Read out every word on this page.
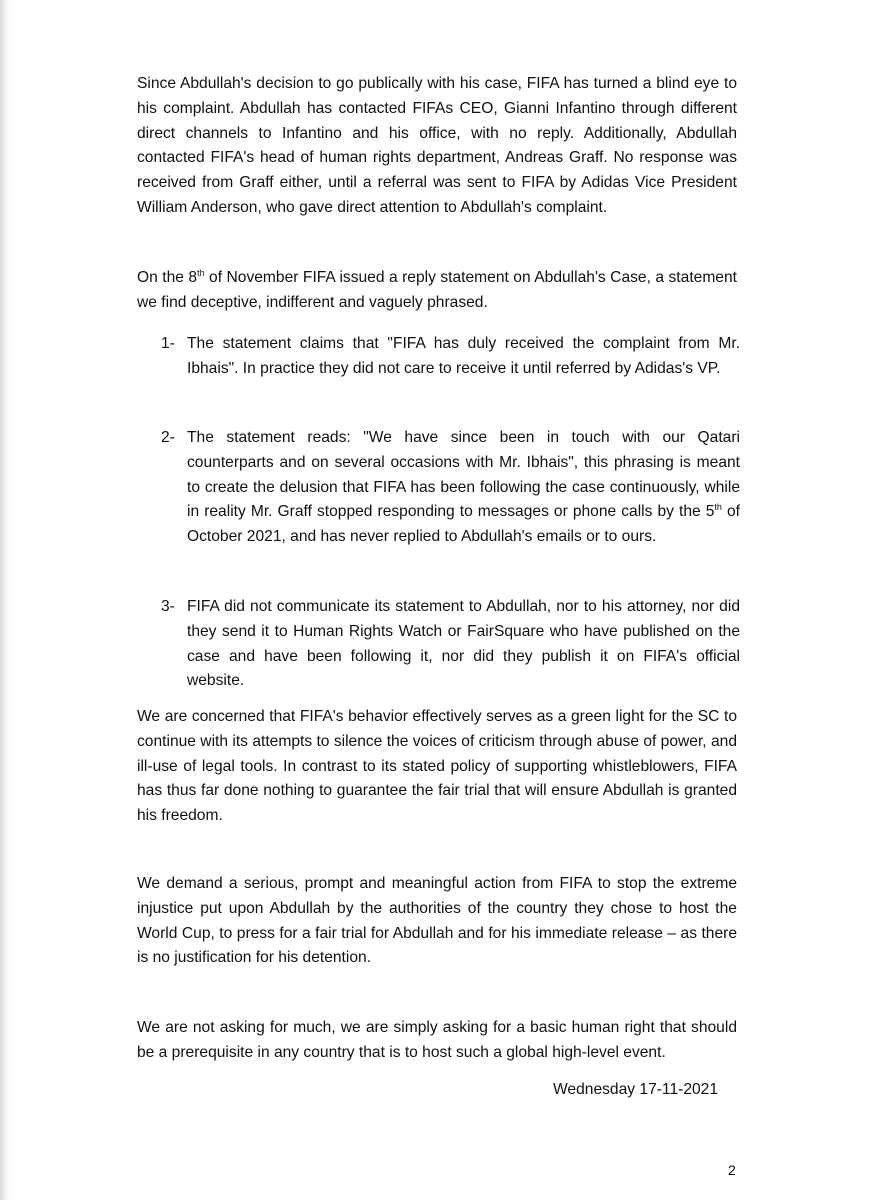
Since Abdullah's decision to go publically with his case, FIFA has turned a blind eye to his complaint. Abdullah has contacted FIFAs CEO, Gianni Infantino through different direct channels to Infantino and his office, with no reply. Additionally, Abdullah contacted FIFA's head of human rights department, Andreas Graff. No response was received from Graff either, until a referral was sent to FIFA by Adidas Vice President William Anderson, who gave direct attention to Abdullah's complaint.

On the 8th of November FIFA issued a reply statement on Abdullah's Case, a statement we find deceptive, indifferent and vaguely phrased.

1- The statement claims that "FIFA has duly received the complaint from Mr. Ibhais". In practice they did not care to receive it until referred by Adidas's VP.
2- The statement reads: "We have since been in touch with our Qatari counterparts and on several occasions with Mr. Ibhais", this phrasing is meant to create the delusion that FIFA has been following the case continuously, while in reality Mr. Graff stopped responding to messages or phone calls by the 5th of October 2021, and has never replied to Abdullah's emails or to ours.
3- FIFA did not communicate its statement to Abdullah, nor to his attorney, nor did they send it to Human Rights Watch or FairSquare who have published on the case and have been following it, nor did they publish it on FIFA's official website.

We are concerned that FIFA's behavior effectively serves as a green light for the SC to continue with its attempts to silence the voices of criticism through abuse of power, and ill-use of legal tools. In contrast to its stated policy of supporting whistleblowers, FIFA has thus far done nothing to guarantee the fair trial that will ensure Abdullah is granted his freedom.

We demand a serious, prompt and meaningful action from FIFA to stop the extreme injustice put upon Abdullah by the authorities of the country they chose to host the World Cup, to press for a fair trial for Abdullah and for his immediate release – as there is no justification for his detention.

We are not asking for much, we are simply asking for a basic human right that should be a prerequisite in any country that is to host such a global high-level event.

Wednesday 17-11-2021

2
